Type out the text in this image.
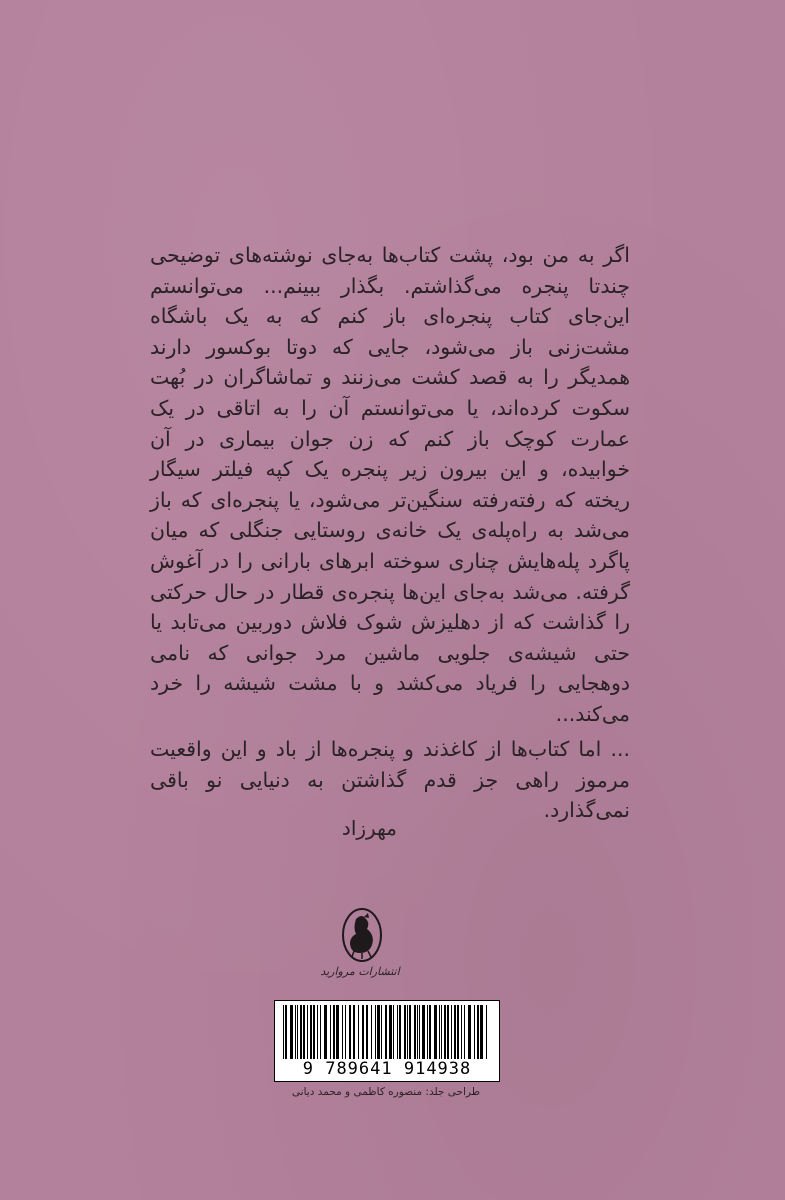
اگر به من بود، پشت کتاب‌ها به‌جای نوشته‌های توضیحی چندتا پنجره می‌گذاشتم. بگذار ببینم... می‌توانستم این‌جای کتاب پنجره‌ای باز کنم که به یک باشگاه مشت‌زنی باز می‌شود، جایی که دوتا بوکسور دارند همدیگر را به قصد کشت می‌زنند و تماشاگران در بُهت سکوت کرده‌اند، یا می‌توانستم آن را به اتاقی در یک عمارت کوچک باز کنم که زن جوان بیماری در آن خوابیده، و این بیرون زیر پنجره یک کپه فیلتر سیگار ریخته که رفته‌رفته سنگین‌تر می‌شود، یا پنجره‌ای که باز می‌شد به راه‌پله‌ی یک خانه‌ی روستایی جنگلی که میان پاگرد پله‌هایش چناری سوخته ابرهای بارانی را در آغوش گرفته. می‌شد به‌جای این‌ها پنجره‌ی قطار در حال حرکتی را گذاشت که از دهلیزش شوک فلاش دوربین می‌تابد یا حتی شیشه‌ی جلویی ماشین مرد جوانی که نامی دوهجایی را فریاد می‌کشد و با مشت شیشه را خرد می‌کند...

... اما کتاب‌ها از کاغذند و پنجره‌ها از باد و این واقعیت مرموز راهی جز قدم گذاشتن به دنیایی نو باقی نمی‌گذارد.

مهرزاد

انتشارات مروارید
9 789641 914938
طراحی جلد: منصوره کاظمی و محمد دیانی
